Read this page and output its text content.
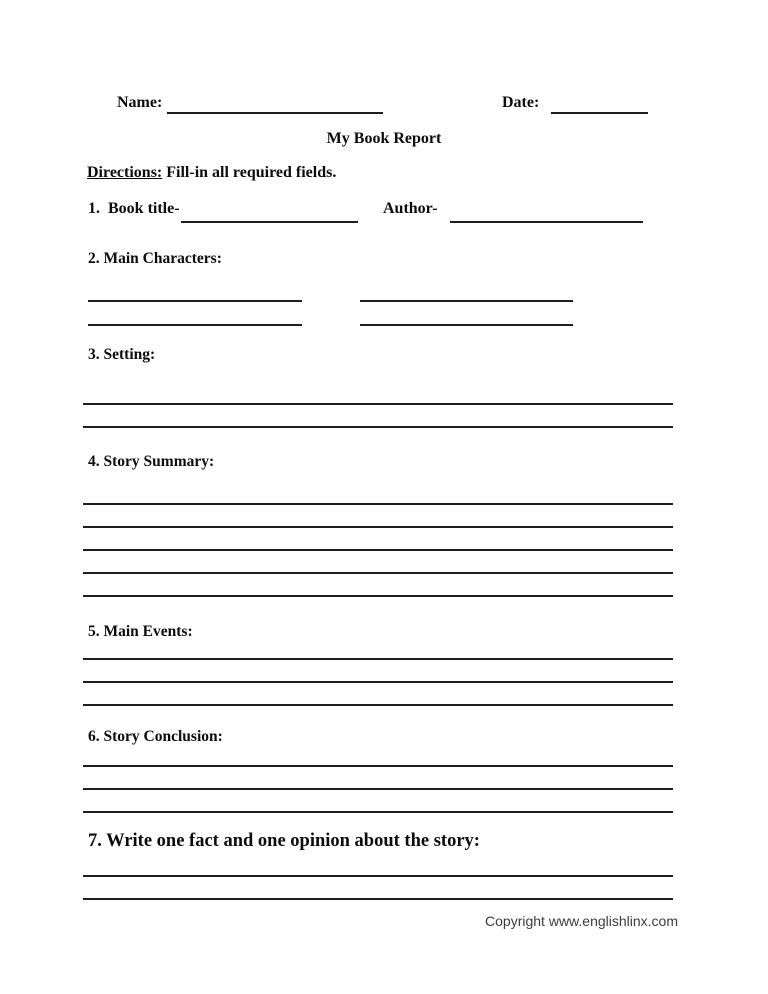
Name:	Date:
My Book Report
Directions: Fill-in all required fields.
1.  Book title-	Author-
2. Main Characters:
3. Setting:
4. Story Summary:
5. Main Events:
6. Story Conclusion:
7. Write one fact and one opinion about the story:
Copyright www.englishlinx.com
